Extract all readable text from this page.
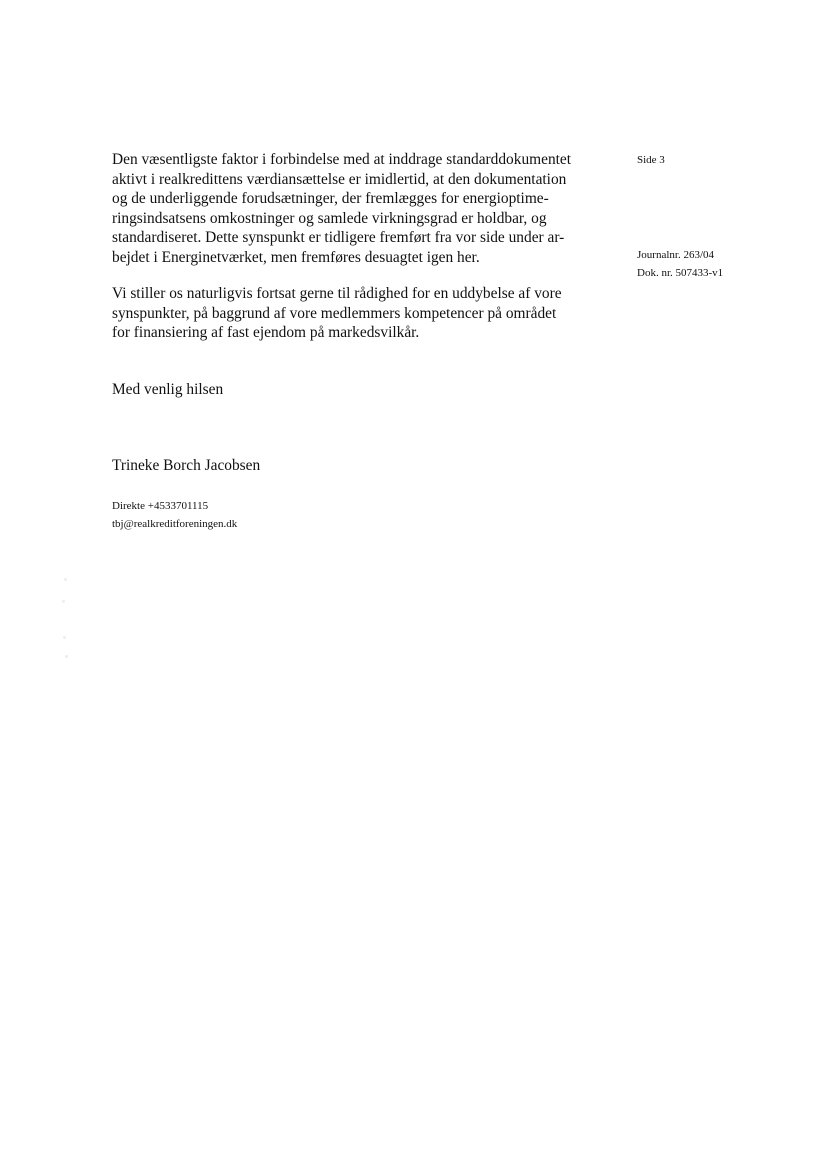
Den væsentligste faktor i forbindelse med at inddrage standarddokumentet
aktivt i realkredittens værdiansættelse er imidlertid, at den dokumentation
og de underliggende forudsætninger, der fremlægges for energioptime-
ringsindsatsens omkostninger og samlede virkningsgrad er holdbar, og
standardiseret. Dette synspunkt er tidligere fremført fra vor side under ar-
bejdet i Energinetværket, men fremføres desuagtet igen her.

Vi stiller os naturligvis fortsat gerne til rådighed for en uddybelse af vore
synspunkter, på baggrund af vore medlemmers kompetencer på området
for finansiering af fast ejendom på markedsvilkår.

Med venlig hilsen
Trineke Borch Jacobsen
Direkte +4533701115
tbj@realkreditforeningen.dk
Side 3
Journalnr. 263/04
Dok. nr. 507433-v1
